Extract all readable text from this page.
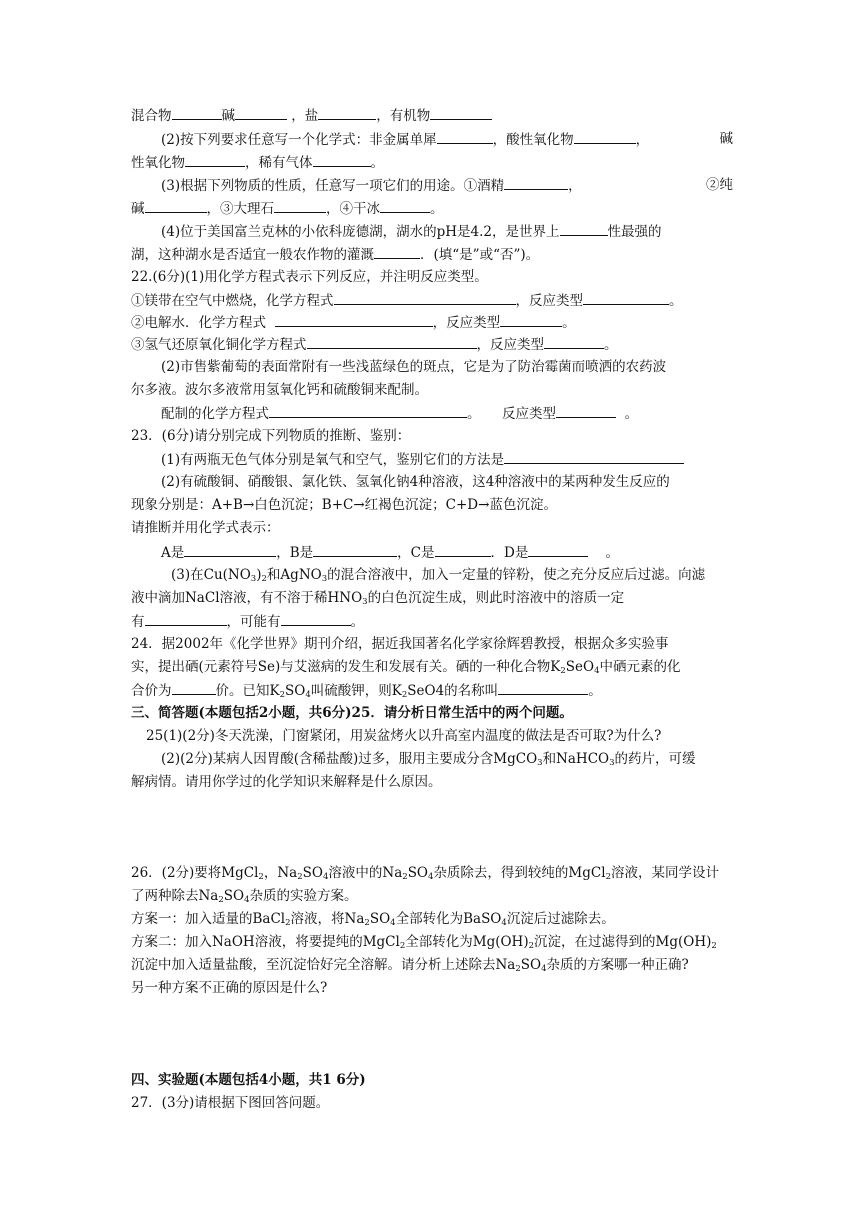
混合物	碱	，盐	，有机物
(2)按下列要求任意写一个化学式：非金属单犀	，酸性氧化物	，	碱
性氧化物	，稀有气体	。
(3)根据下列物质的性质，任意写一项它们的用途。①酒精	，	②纯
碱	，③大理石	，④干冰	。
(4)位于美国富兰克林的小依科庞德湖，湖水的pH是4.2，是世界上	性最强的
湖，这种湖水是否适宜一般农作物的灌溉	．(填“是”或“否”)。
22.(6分)(1)用化学方程式表示下列反应，并注明反应类型。
①镁带在空气中燃烧，化学方程式	，反应类型	。
②电解水．化学方程式	，反应类型	。
③氢气还原氧化铜化学方程式	，反应类型	。
(2)市售紫葡萄的表面常附有一些浅蓝绿色的斑点，它是为了防治霉菌而喷洒的农药波
尔多液。波尔多液常用氢氧化钙和硫酸铜来配制。
配制的化学方程式	。 反应类型	。
23．(6分)请分别完成下列物质的推断、鉴别：
(1)有两瓶无色气体分别是氧气和空气，鉴别它们的方法是
(2)有硫酸铜、硝酸银、氯化铁、氢氧化钠4种溶液，这4种溶液中的某两种发生反应的
现象分别是：A+B→白色沉淀；B+C→红褐色沉淀；C+D→蓝色沉淀。
请推断并用化学式表示：
A是	，B是	，C是	．D是	。
(3)在$Cu(NO_3)_2$和AgNO$_3$的混合溶液中，加入一定量的锌粉，使之充分反应后过滤。向滤
液中滴加NaCl溶液，有不溶于稀$HNO_3$的白色沉淀生成，则此时溶液中的溶质一定
有	，可能有	。
24．据2002年《化学世界》期刊介绍，据近我国著名化学家徐辉碧教授，根据众多实验事
实，提出硒(元素符号Se)与艾滋病的发生和发展有关。硒的一种化合物$K_2SeO_4$中硒元素的化
合价为	价。已知$K_2SO_4$叫硫酸钾，则$K_2SeO4$的名称叫	。
三、简答题(本题包括2小题，共6分)25．请分析日常生活中的两个问题。
25(1)(2分)冬天洗澡，门窗紧闭，用炭盆烤火以升高室内温度的做法是否可取?为什么?
(2)(2分)某病人因胃酸(含稀盐酸)过多，服用主要成分含MgCO$_3$和NaHCO$_3$的药片，可缓
解病情。请用你学过的化学知识来解释是什么原因。
26．(2分)要将MgCl$_2$，$Na_2SO_4$溶液中的$Na_2SO_4$杂质除去，得到较纯的MgCl$_2$溶液，某同学设计
了两种除去$Na_2SO_4$杂质的实验方案。
方案一：加入适量的BaCl$_2$溶液，将$Na_2SO_4$全部转化为BaSO$_4$沉淀后过滤除去。
方案二：加入NaOH溶液，将要提纯的MgCl$_2$全部转化为$Mg(OH)_2$沉淀，在过滤得到的$Mg(OH)_2$
沉淀中加入适量盐酸，至沉淀恰好完全溶解。请分析上述除去$Na_2SO_4$杂质的方案哪一种正确?
另一种方案不正确的原因是什么?
四、实验题(本题包括4小题，共1 6分)
27．(3分)请根据下图回答问题。
